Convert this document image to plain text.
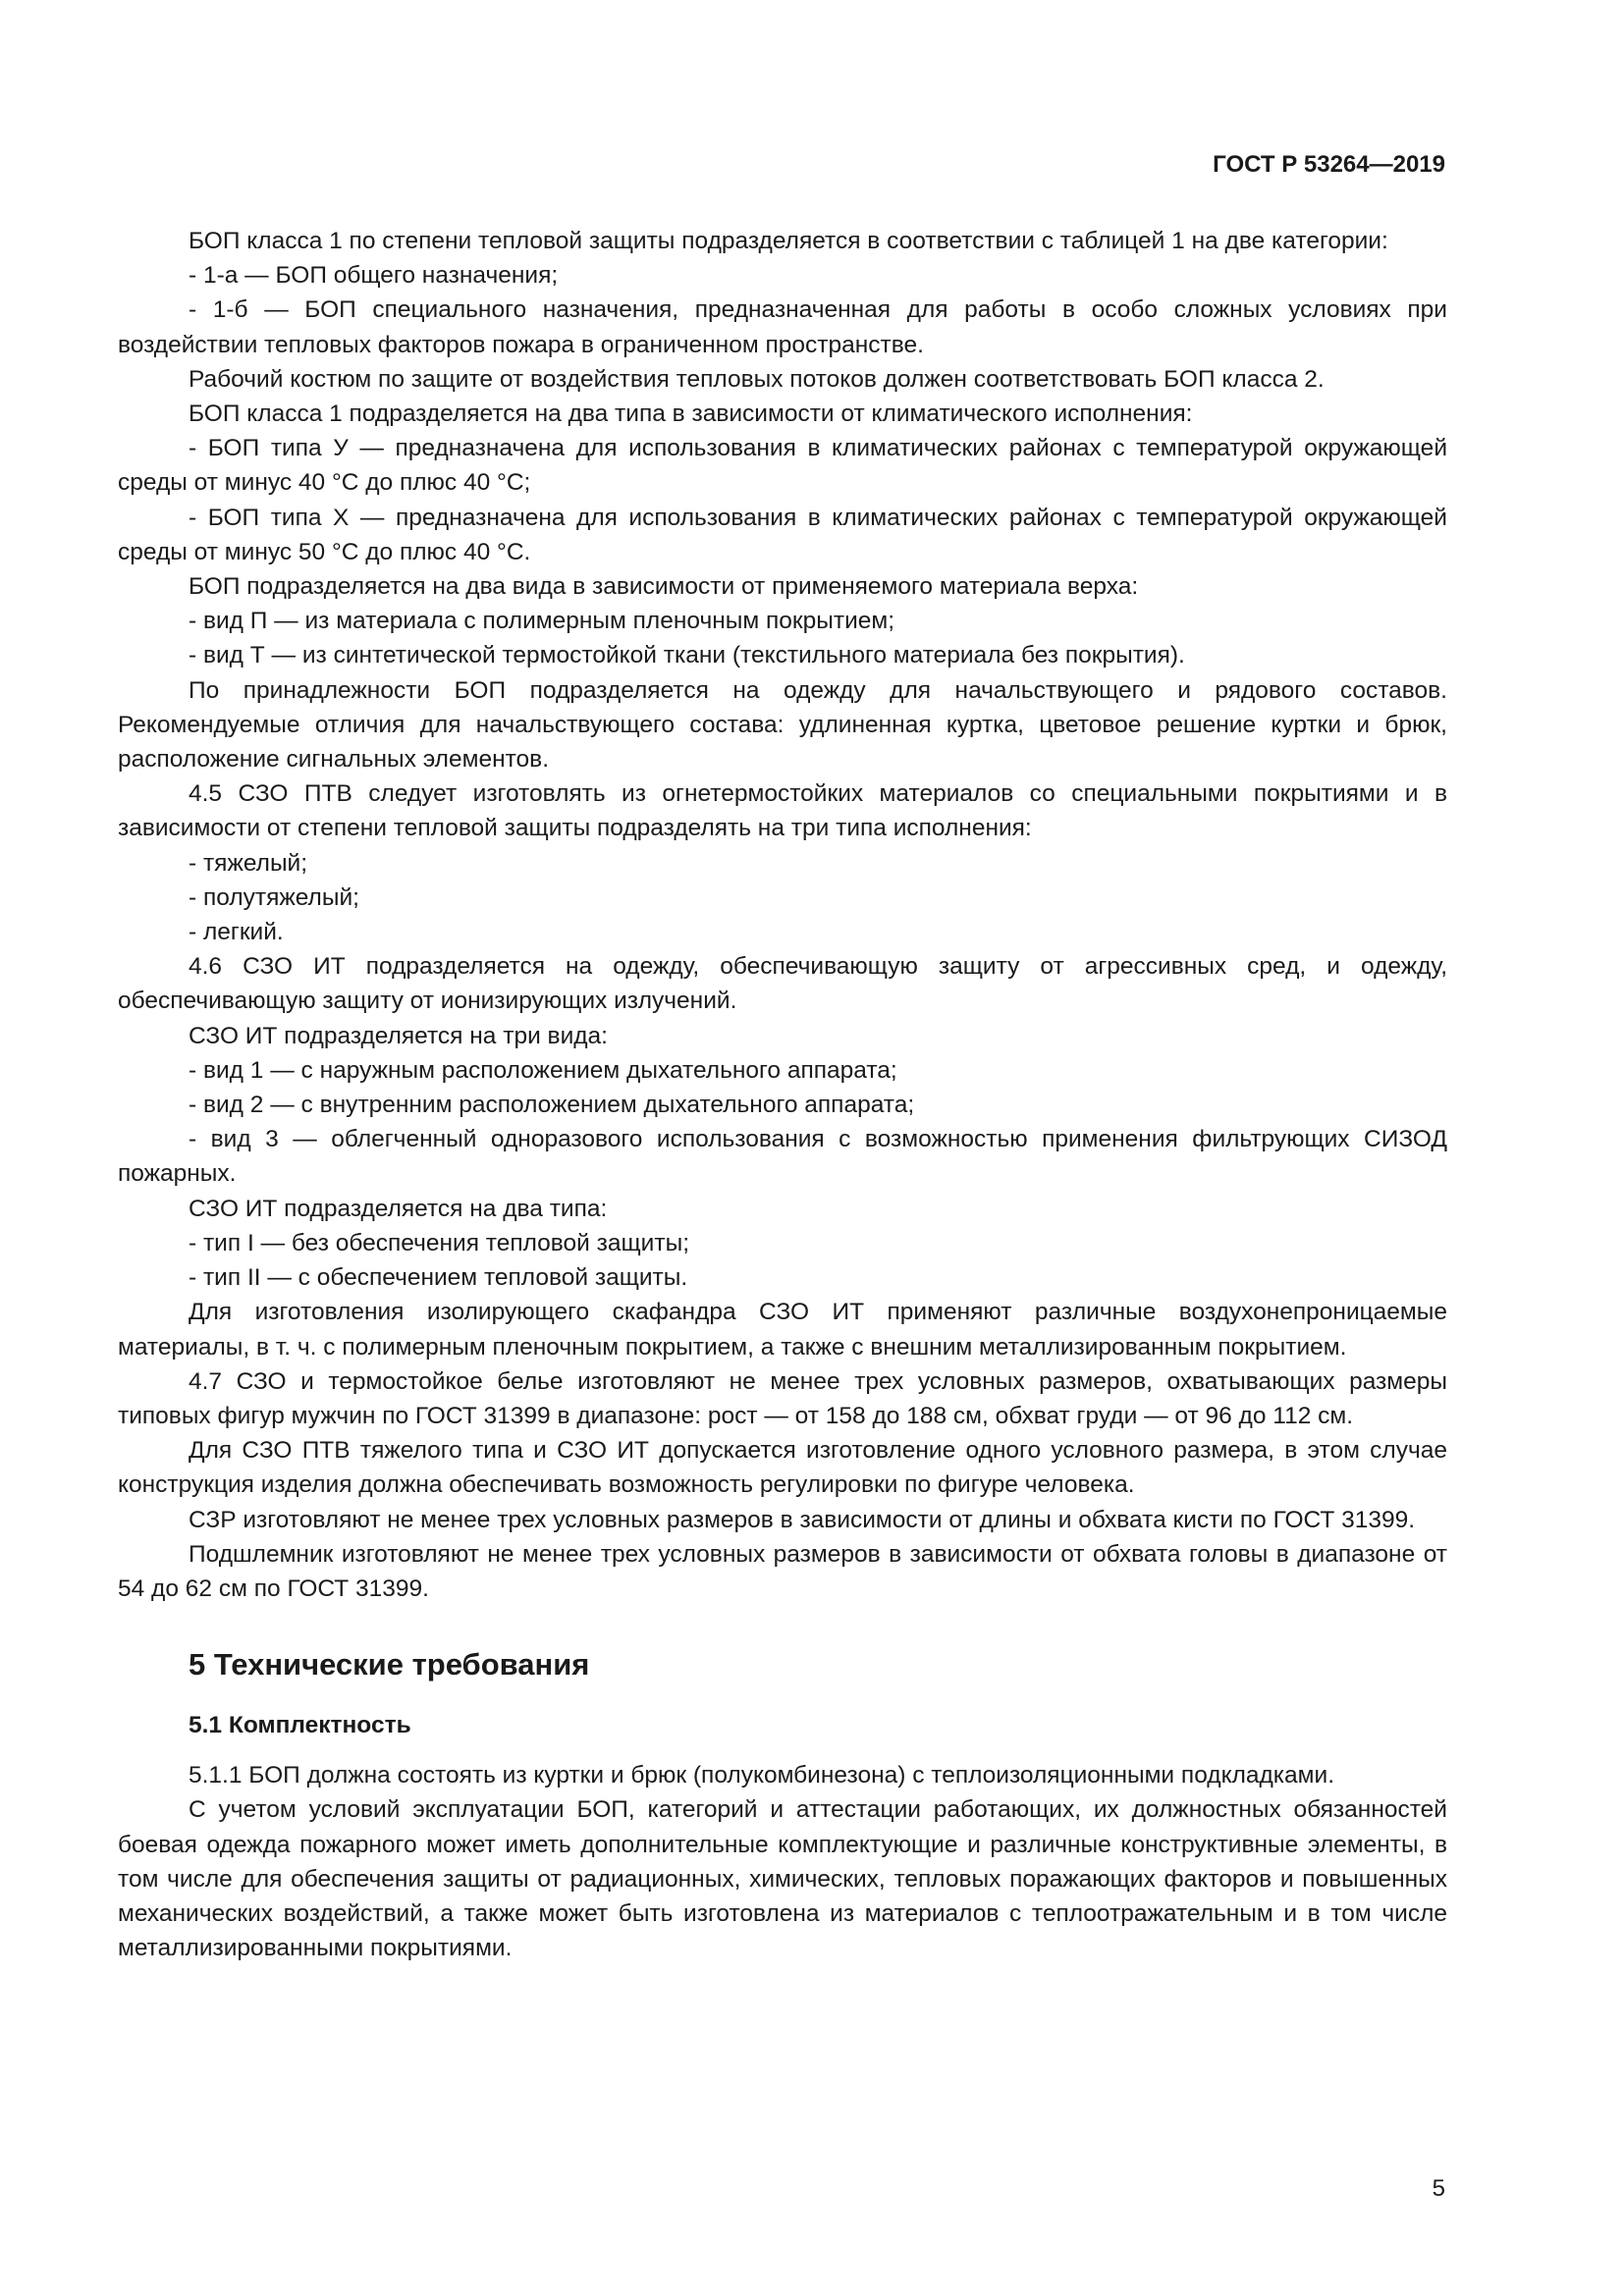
ГОСТ Р 53264—2019

БОП класса 1 по степени тепловой защиты подразделяется в соответствии с таблицей 1 на две категории:

- 1-а — БОП общего назначения;

- 1-б — БОП специального назначения, предназначенная для работы в особо сложных условиях при воздействии тепловых факторов пожара в ограниченном пространстве.

Рабочий костюм по защите от воздействия тепловых потоков должен соответствовать БОП класса 2.

БОП класса 1 подразделяется на два типа в зависимости от климатического исполнения:

- БОП типа У — предназначена для использования в климатических районах с температурой окружающей среды от минус 40 °С до плюс 40 °С;

- БОП типа Х — предназначена для использования в климатических районах с температурой окружающей среды от минус 50 °С до плюс 40 °С.

БОП подразделяется на два вида в зависимости от применяемого материала верха:

- вид П — из материала с полимерным пленочным покрытием;

- вид Т — из синтетической термостойкой ткани (текстильного материала без покрытия).

По принадлежности БОП подразделяется на одежду для начальствующего и рядового составов. Рекомендуемые отличия для начальствующего состава: удлиненная куртка, цветовое решение куртки и брюк, расположение сигнальных элементов.

4.5 СЗО ПТВ следует изготовлять из огнетермостойких материалов со специальными покрытиями и в зависимости от степени тепловой защиты подразделять на три типа исполнения:

- тяжелый;

- полутяжелый;

- легкий.

4.6 СЗО ИТ подразделяется на одежду, обеспечивающую защиту от агрессивных сред, и одежду, обеспечивающую защиту от ионизирующих излучений.

СЗО ИТ подразделяется на три вида:

- вид 1 — с наружным расположением дыхательного аппарата;

- вид 2 — с внутренним расположением дыхательного аппарата;

- вид 3 — облегченный одноразового использования с возможностью применения фильтрующих СИЗОД пожарных.

СЗО ИТ подразделяется на два типа:

- тип I — без обеспечения тепловой защиты;

- тип II — с обеспечением тепловой защиты.

Для изготовления изолирующего скафандра СЗО ИТ применяют различные воздухонепроницаемые материалы, в т. ч. с полимерным пленочным покрытием, а также с внешним металлизированным покрытием.

4.7 СЗО и термостойкое белье изготовляют не менее трех условных размеров, охватывающих размеры типовых фигур мужчин по ГОСТ 31399 в диапазоне: рост — от 158 до 188 см, обхват груди — от 96 до 112 см.

Для СЗО ПТВ тяжелого типа и СЗО ИТ допускается изготовление одного условного размера, в этом случае конструкция изделия должна обеспечивать возможность регулировки по фигуре человека.

СЗР изготовляют не менее трех условных размеров в зависимости от длины и обхвата кисти по ГОСТ 31399.

Подшлемник изготовляют не менее трех условных размеров в зависимости от обхвата головы в диапазоне от 54 до 62 см по ГОСТ 31399.

5 Технические требования
5.1 Комплектность

5.1.1 БОП должна состоять из куртки и брюк (полукомбинезона) с теплоизоляционными подкладками.

С учетом условий эксплуатации БОП, категорий и аттестации работающих, их должностных обязанностей боевая одежда пожарного может иметь дополнительные комплектующие и различные конструктивные элементы, в том числе для обеспечения защиты от радиационных, химических, тепловых поражающих факторов и повышенных механических воздействий, а также может быть изготовлена из материалов с теплоотражательным и в том числе металлизированными покрытиями.

5
